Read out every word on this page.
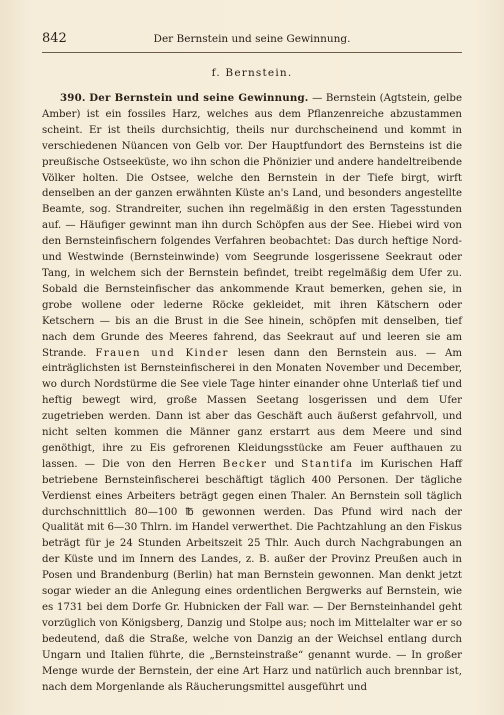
842	Der Bernstein und seine Gewinnung.
f. Bernstein.

390. Der Bernstein und seine Gewinnung. — Bernstein (Agtstein, gelbe Amber) ist ein fossiles Harz, welches aus dem Pflanzenreiche abzustammen scheint. Er ist theils durchsichtig, theils nur durchscheinend und kommt in verschiedenen Nüancen von Gelb vor. Der Hauptfundort des Bernsteins ist die preußische Ostseeküste, wo ihn schon die Phönizier und andere handeltreibende Völker holten. Die Ostsee, welche den Bernstein in der Tiefe birgt, wirft denselben an der ganzen erwähnten Küste an's Land, und besonders angestellte Beamte, sog. Strandreiter, suchen ihn regelmäßig in den ersten Tagesstunden auf. — Häufiger gewinnt man ihn durch Schöpfen aus der See. Hiebei wird von den Bernsteinfischern folgendes Verfahren beobachtet: Das durch heftige Nord- und Westwinde (Bernsteinwinde) vom Seegrunde losgerissene Seekraut oder Tang, in welchem sich der Bernstein befindet, treibt regelmäßig dem Ufer zu. Sobald die Bernsteinfischer das ankommende Kraut bemerken, gehen sie, in grobe wollene oder lederne Röcke gekleidet, mit ihren Kätschern oder Ketschern — bis an die Brust in die See hinein, schöpfen mit denselben, tief nach dem Grunde des Meeres fahrend, das Seekraut auf und leeren sie am Strande. Frauen und Kinder lesen dann den Bernstein aus. — Am einträglichsten ist Bernsteinfischerei in den Monaten November und December, wo durch Nordstürme die See viele Tage hinter einander ohne Unterlaß tief und heftig bewegt wird, große Massen Seetang losgerissen und dem Ufer zugetrieben werden. Dann ist aber das Geschäft auch äußerst gefahrvoll, und nicht selten kommen die Männer ganz erstarrt aus dem Meere und sind genöthigt, ihre zu Eis gefrorenen Kleidungsstücke am Feuer aufthauen zu lassen. — Die von den Herren Becker und Stantifa im Kurischen Haff betriebene Bernsteinfischerei beschäftigt täglich 400 Personen. Der tägliche Verdienst eines Arbeiters beträgt gegen einen Thaler. An Bernstein soll täglich durchschnittlich 80—100 ℔ gewonnen werden. Das Pfund wird nach der Qualität mit 6—30 Thlrn. im Handel verwerthet. Die Pachtzahlung an den Fiskus beträgt für je 24 Stunden Arbeitszeit 25 Thlr. Auch durch Nachgrabungen an der Küste und im Innern des Landes, z. B. außer der Provinz Preußen auch in Posen und Brandenburg (Berlin) hat man Bernstein gewonnen. Man denkt jetzt sogar wieder an die Anlegung eines ordentlichen Bergwerks auf Bernstein, wie es 1731 bei dem Dorfe Gr. Hubnicken der Fall war. — Der Bernsteinhandel geht vorzüglich von Königsberg, Danzig und Stolpe aus; noch im Mittelalter war er so bedeutend, daß die Straße, welche von Danzig an der Weichsel entlang durch Ungarn und Italien führte, die „Bernsteinstraße“ genannt wurde. — In großer Menge wurde der Bernstein, der eine Art Harz und natürlich auch brennbar ist, nach dem Morgenlande als Räucherungsmittel ausgeführt und
